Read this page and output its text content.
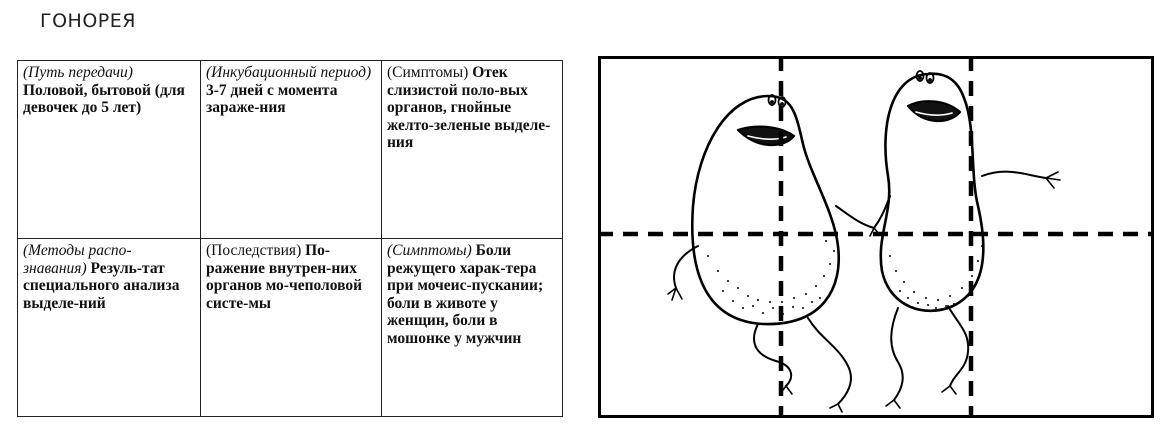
ГОНОРЕЯ
(Путь передачи) Половой, бытовой (для девочек до 5 лет)	(Инкубационный период) 3-7 дней с момента зараже-ния	(Симптомы) Отек слизистой поло-вых органов, гнойные желто-зеленые выделе-ния
(Методы распо-знавания) Резуль-тат специального анализа выделе-ний	(Последствия) По-ражение внутрен-них органов мо-чеполовой систе-мы	(Симптомы) Боли режущего харак-тера при мочеис-пускании; боли в животе у женщин, боли в мошонке у мужчин
